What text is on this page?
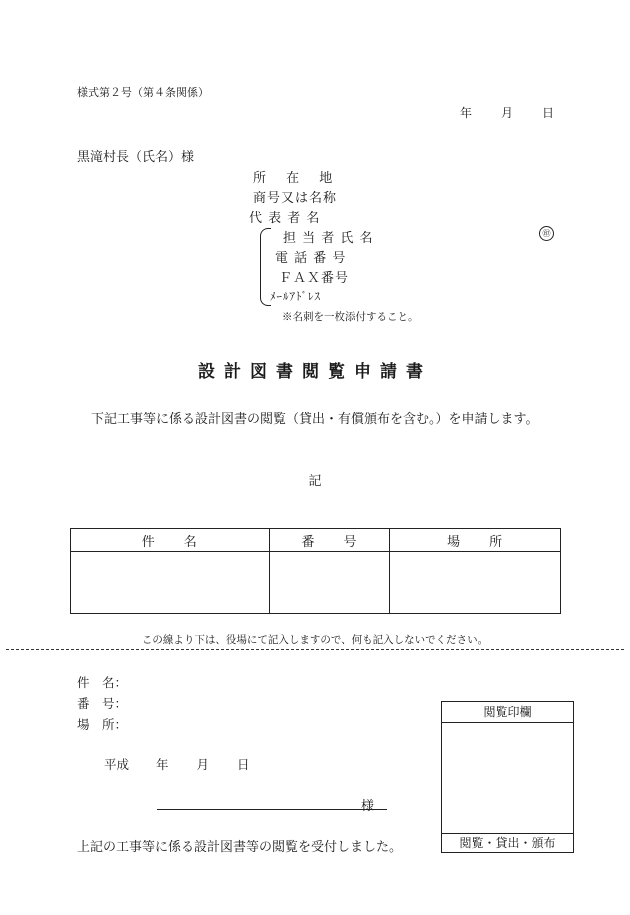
様式第２号（第４条関係）
年 月 日
黒滝村長（氏名）様
所　 在　 地
商号又は名称
代 表 者 名
担 当 者 氏 名	㊞
電 話 番 号
ＦＡＸ番号
ﾒｰﾙｱﾄﾞﾚｽ
※名刺を一枚添付すること。
設計図書閲覧申請書
下記工事等に係る設計図書の閲覧（貸出・有償頒布を含む。）を申請します。
記
件　　名	番　　号	場　　所

この線より下は、役場にて記入しますので、何も記入しないでください。
件　名：
番　号：
場　所：
平成 年 月 日
様
上記の工事等に係る設計図書等の閲覧を受付しました。
閲覧印欄
閲覧・貸出・頒布
